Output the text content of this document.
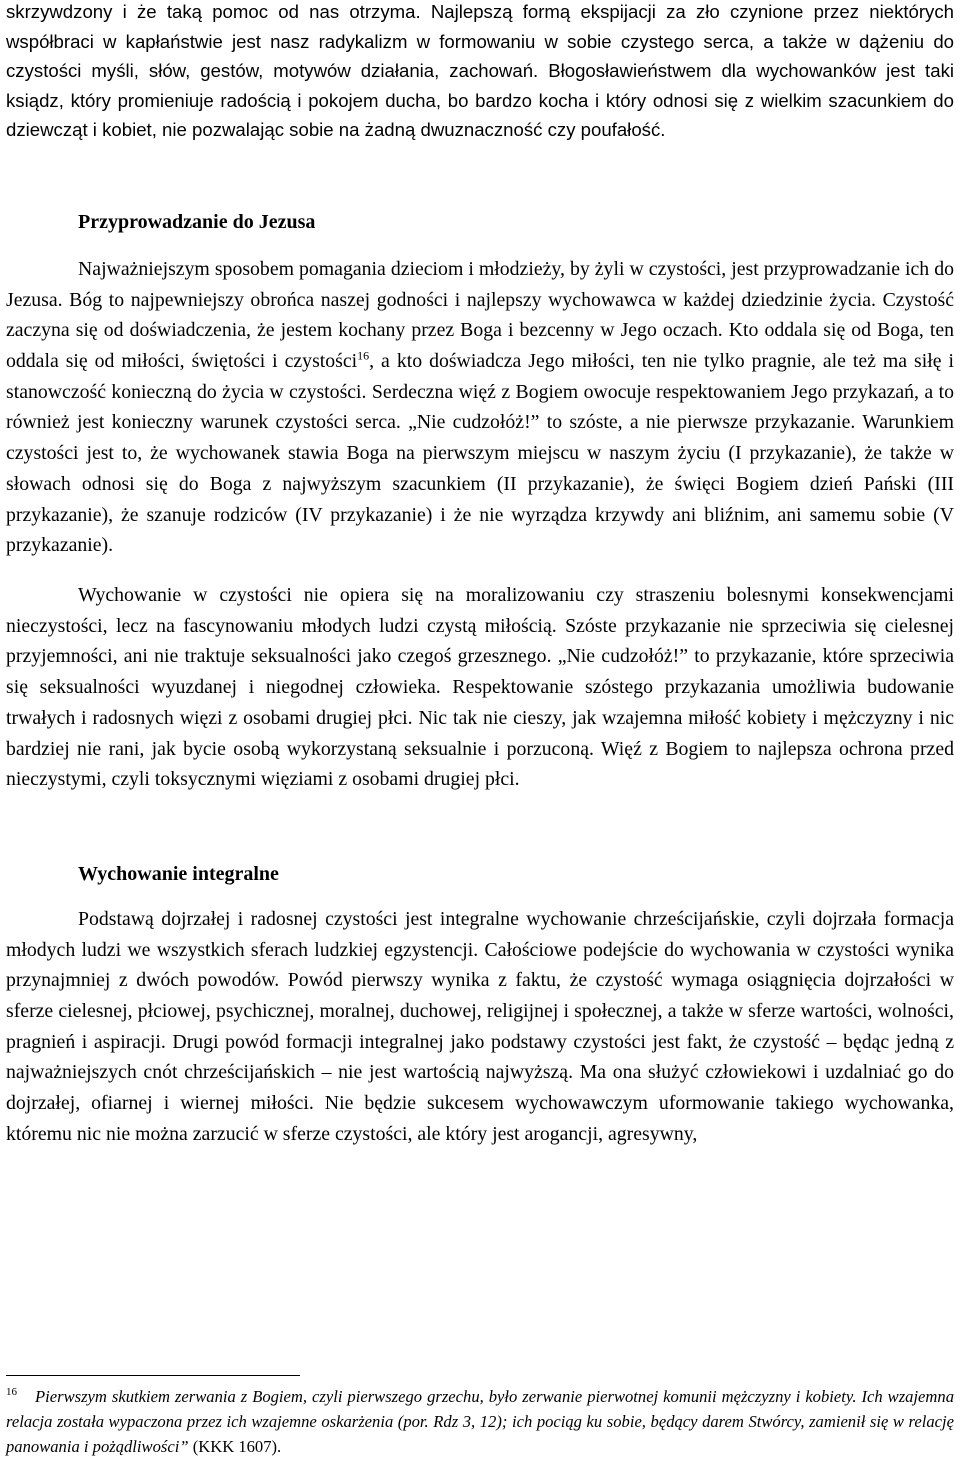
skrzywdzony i że taką pomoc od nas otrzyma. Najlepszą formą ekspijacji za zło czynione przez niektórych współbraci w kapłaństwie jest nasz radykalizm w formowaniu w sobie czystego serca, a także w dążeniu do czystości myśli, słów, gestów, motywów działania, zachowań. Błogosławieństwem dla wychowanków jest taki ksiądz, który promieniuje radością i pokojem ducha, bo bardzo kocha i który odnosi się z wielkim szacunkiem do dziewcząt i kobiet, nie pozwalając sobie na żadną dwuznaczność czy poufałość.

Przyprowadzanie do Jezusa

Najważniejszym sposobem pomagania dzieciom i młodzieży, by żyli w czystości, jest przyprowadzanie ich do Jezusa. Bóg to najpewniejszy obrońca naszej godności i najlepszy wychowawca w każdej dziedzinie życia. Czystość zaczyna się od doświadczenia, że jestem kochany przez Boga i bezcenny w Jego oczach. Kto oddala się od Boga, ten oddala się od miłości, świętości i czystości$^{16}$, a kto doświadcza Jego miłości, ten nie tylko pragnie, ale też ma siłę i stanowczość konieczną do życia w czystości. Serdeczna więź z Bogiem owocuje respektowaniem Jego przykazań, a to również jest konieczny warunek czystości serca. „Nie cudzołóż!” to szóste, a nie pierwsze przykazanie. Warunkiem czystości jest to, że wychowanek stawia Boga na pierwszym miejscu w naszym życiu (I przykazanie), że także w słowach odnosi się do Boga z najwyższym szacunkiem (II przykazanie), że święci Bogiem dzień Pański (III przykazanie), że szanuje rodziców (IV przykazanie) i że nie wyrządza krzywdy ani bliźnim, ani samemu sobie (V przykazanie).

Wychowanie w czystości nie opiera się na moralizowaniu czy straszeniu bolesnymi konsekwencjami nieczystości, lecz na fascynowaniu młodych ludzi czystą miłością. Szóste przykazanie nie sprzeciwia się cielesnej przyjemności, ani nie traktuje seksualności jako czegoś grzesznego. „Nie cudzołóż!” to przykazanie, które sprzeciwia się seksualności wyuzdanej i niegodnej człowieka. Respektowanie szóstego przykazania umożliwia budowanie trwałych i radosnych więzi z osobami drugiej płci. Nic tak nie cieszy, jak wzajemna miłość kobiety i mężczyzny i nic bardziej nie rani, jak bycie osobą wykorzystaną seksualnie i porzuconą. Więź z Bogiem to najlepsza ochrona przed nieczystymi, czyli toksycznymi więziami z osobami drugiej płci.

Wychowanie integralne

Podstawą dojrzałej i radosnej czystości jest integralne wychowanie chrześcijańskie, czyli dojrzała formacja młodych ludzi we wszystkich sferach ludzkiej egzystencji. Całościowe podejście do wychowania w czystości wynika przynajmniej z dwóch powodów. Powód pierwszy wynika z faktu, że czystość wymaga osiągnięcia dojrzałości w sferze cielesnej, płciowej, psychicznej, moralnej, duchowej, religijnej i społecznej, a także w sferze wartości, wolności, pragnień i aspiracji. Drugi powód formacji integralnej jako podstawy czystości jest fakt, że czystość – będąc jedną z najważniejszych cnót chrześcijańskich – nie jest wartością najwyższą. Ma ona służyć człowiekowi i uzdalniać go do dojrzałej, ofiarnej i wiernej miłości. Nie będzie sukcesem wychowawczym uformowanie takiego wychowanka, któremu nic nie można zarzucić w sferze czystości, ale który jest arogancji, agresywny,

$^{16}$ Pierwszym skutkiem zerwania z Bogiem, czyli pierwszego grzechu, było zerwanie pierwotnej komunii mężczyzny i kobiety. Ich wzajemna relacja została wypaczona przez ich wzajemne oskarżenia (por. Rdz 3, 12); ich pociąg ku sobie, będący darem Stwórcy, zamienił się w relację panowania i pożądliwości” (KKK 1607).
